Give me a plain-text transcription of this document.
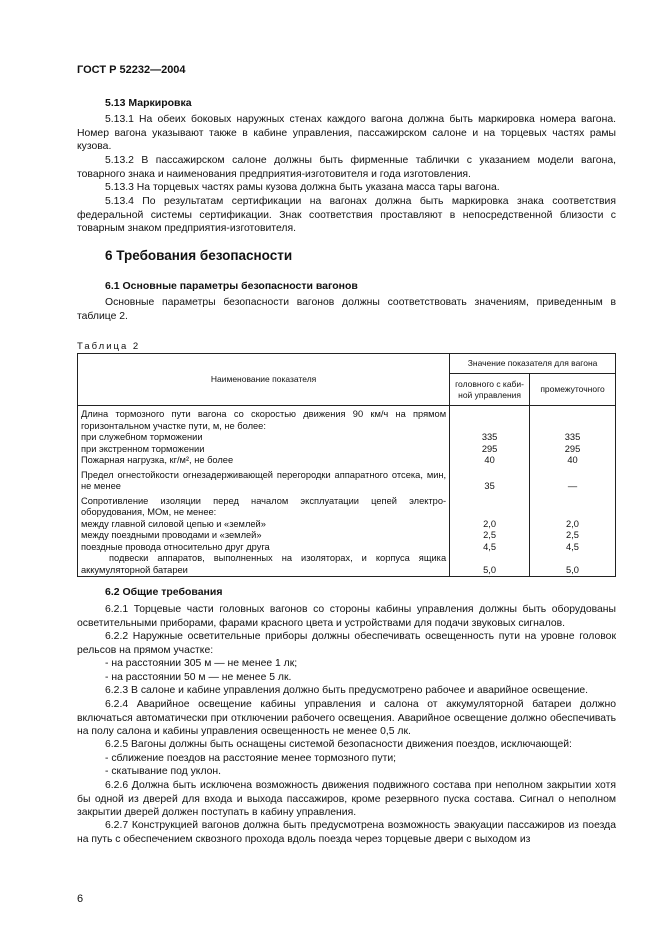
ГОСТ Р 52232—2004
5.13 Маркировка
5.13.1 На обеих боковых наружных стенах каждого вагона должна быть маркировка номера вагона. Номер вагона указывают также в кабине управления, пассажирском салоне и на торцевых частях рамы кузова.
5.13.2 В пассажирском салоне должны быть фирменные таблички с указанием модели вагона, товарного знака и наименования предприятия-изготовителя и года изготовления.
5.13.3 На торцевых частях рамы кузова должна быть указана масса тары вагона.
5.13.4 По результатам сертификации на вагонах должна быть маркировка знака соответствия федеральной системы сертификации. Знак соответствия проставляют в непосредственной близости с товарным знаком предприятия-изготовителя.
6 Требования безопасности
6.1 Основные параметры безопасности вагонов
Основные параметры безопасности вагонов должны соответствовать значениям, приведенным в таблице 2.
Таблица 2
Наименование показателя	Значение показателя для вагона	
	головного с каби-ной управления	промежуточного
Длина тормозного пути вагона со скоростью движения 90 км/ч на прямом горизонтальном участке пути, м, не более:		
при служебном торможении	335	335
при экстренном торможении	295	295
Пожарная нагрузка, кг/м², не более	40	40
Предел огнестойкости огнезадерживающей перегородки аппаратного отсека, мин, не менее	35	—
Сопротивление изоляции перед началом эксплуатации цепей электро-оборудования, МОм, не менее:		
между главной силовой цепью и «землей»	2,0	2,0
между поездными проводами и «землей»	2,5	2,5
поездные провода относительно друг друга	4,5	4,5
подвески аппаратов, выполненных на изоляторах, и корпуса ящика аккумуляторной батареи	5,0	5,0
6.2 Общие требования
6.2.1 Торцевые части головных вагонов со стороны кабины управления должны быть оборудованы осветительными приборами, фарами красного цвета и устройствами для подачи звуковых сигналов.
6.2.2 Наружные осветительные приборы должны обеспечивать освещенность пути на уровне головок рельсов на прямом участке:
- на расстоянии 305 м — не менее 1 лк;
- на расстоянии 50 м — не менее 5 лк.
6.2.3 В салоне и кабине управления должно быть предусмотрено рабочее и аварийное освещение.
6.2.4 Аварийное освещение кабины управления и салона от аккумуляторной батареи должно включаться автоматически при отключении рабочего освещения. Аварийное освещение должно обеспечивать на полу салона и кабины управления освещенность не менее 0,5 лк.
6.2.5 Вагоны должны быть оснащены системой безопасности движения поездов, исключающей:
- сближение поездов на расстояние менее тормозного пути;
- скатывание под уклон.
6.2.6 Должна быть исключена возможность движения подвижного состава при неполном закрытии хотя бы одной из дверей для входа и выхода пассажиров, кроме резервного пуска состава. Сигнал о неполном закрытии дверей должен поступать в кабину управления.
6.2.7 Конструкцией вагонов должна быть предусмотрена возможность эвакуации пассажиров из поезда на путь с обеспечением сквозного прохода вдоль поезда через торцевые двери с выходом из
6
